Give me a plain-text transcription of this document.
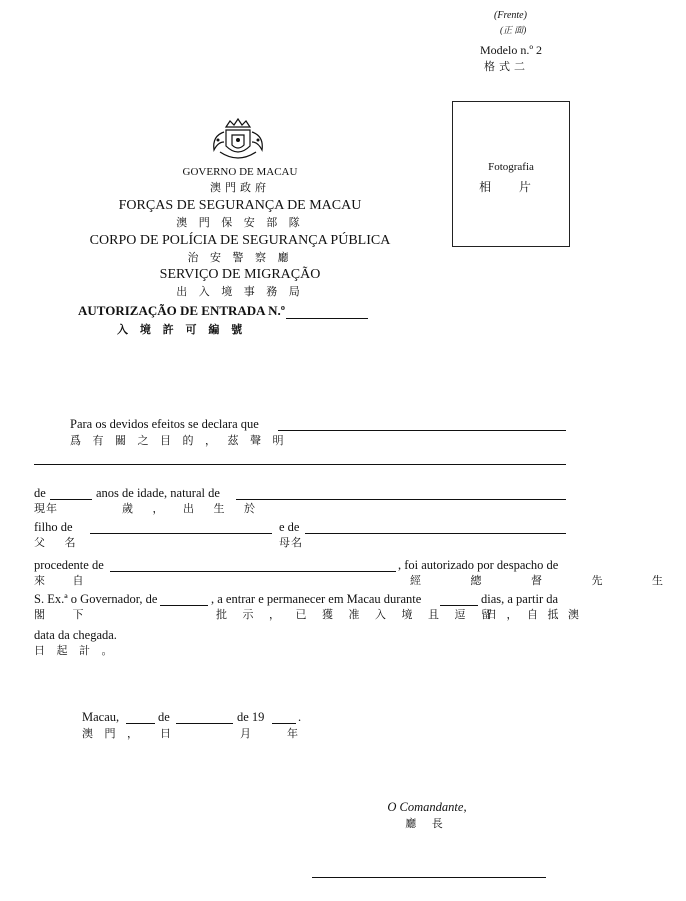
(Frente)
(正 面)
Modelo n.º 2
格式二
Fotografia
相 片
GOVERNO DE MACAU
澳門政府
FORÇAS DE SEGURANÇA DE MACAU
澳 門 保 安 部 隊
CORPO DE POLÍCIA DE SEGURANÇA PÚBLICA
治 安 警 察 廳
SERVIÇO DE MIGRAÇÃO
出 入 境 事 務 局
AUTORIZAÇÃO DE ENTRADA N.º
入 境 許 可 編 號
Para os devidos efeitos se declara que
爲 有 關 之 目 的 ， 茲 聲 明
de	anos de idade, natural de
現年	歲 ， 出 生 於
filho de	e de
父 名	母名
procedente de	, foi autorizado por despacho de
來 自	經 總 督 先 生
S. Ex.ª o Governador, de	, a entrar e permanecer em Macau durante	dias, a partir da
閣 下	批 示 ， 已 獲 准 入 境 且 逗 留
日 ， 自 抵 澳
data da chegada.
日 起 計 。
Macau,	de	de 19	.
澳 門 ， 日	月	年
O Comandante,
廳 長
